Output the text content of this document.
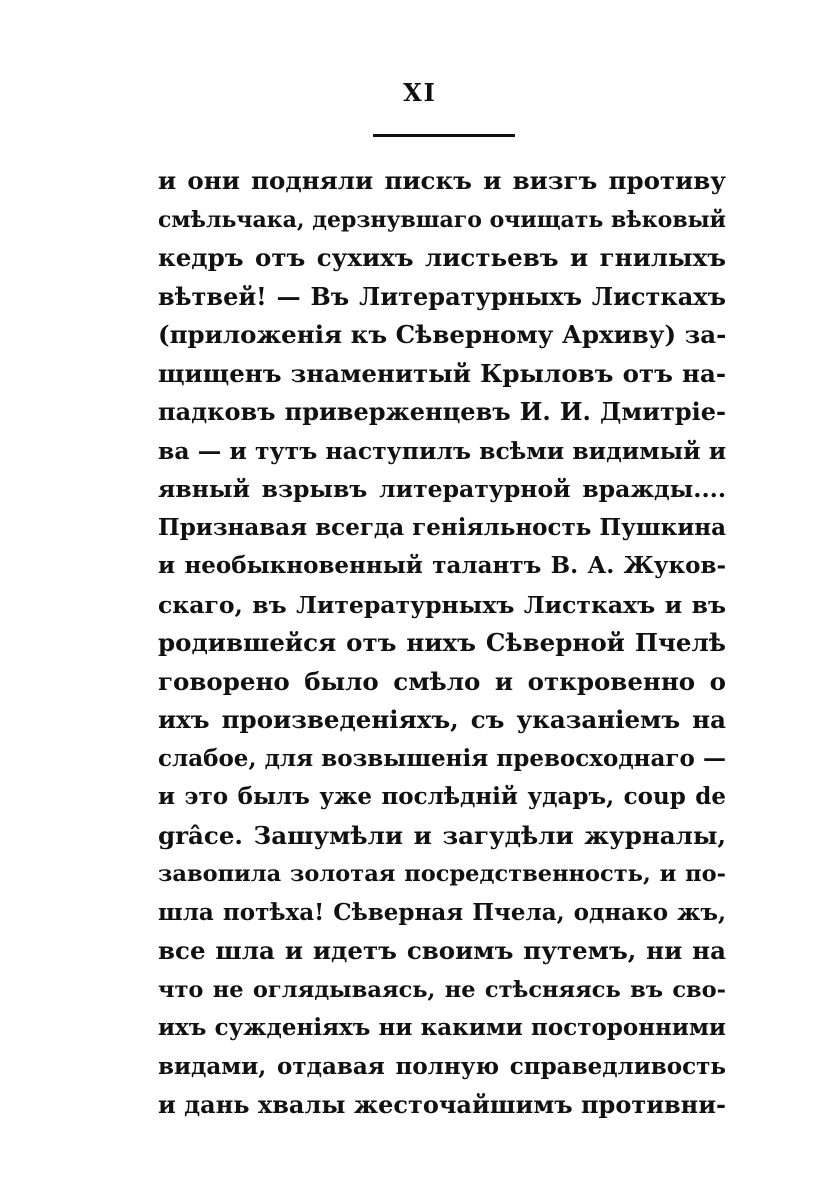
XI
и они подняли пискъ и визгъ противу
смѣльчака, дерзнувшаго очищать вѣковый
кедръ отъ сухихъ листьевъ и гнилыхъ
вѣтвей! — Въ Литературныхъ Листкахъ
(приложенія къ Сѣверному Архиву) за-
щищенъ знаменитый Крыловъ отъ на-
падковъ приверженцевъ И. И. Дмитріе-
ва — и тутъ наступилъ всѣми видимый и
явный взрывъ литературной вражды....
Признавая всегда геніяльность Пушкина
и необыкновенный талантъ В. А. Жуков-
скаго, въ Литературныхъ Листкахъ и въ
родившейся отъ нихъ Сѣверной Пчелѣ
говорено было смѣло и откровенно о
ихъ произведеніяхъ, съ указаніемъ на
слабое, для возвышенія превосходнаго —
и это былъ уже послѣдній ударъ, coup de
grâce. Зашумѣли и загудѣли журналы,
завопила золотая посредственность, и по-
шла потѣха! Сѣверная Пчела, однако жъ,
все шла и идетъ своимъ путемъ, ни на
что не оглядываясь, не стѣсняясь въ сво-
ихъ сужденіяхъ ни какими посторонними
видами, отдавая полную справедливость
и дань хвалы жесточайшимъ противни-
